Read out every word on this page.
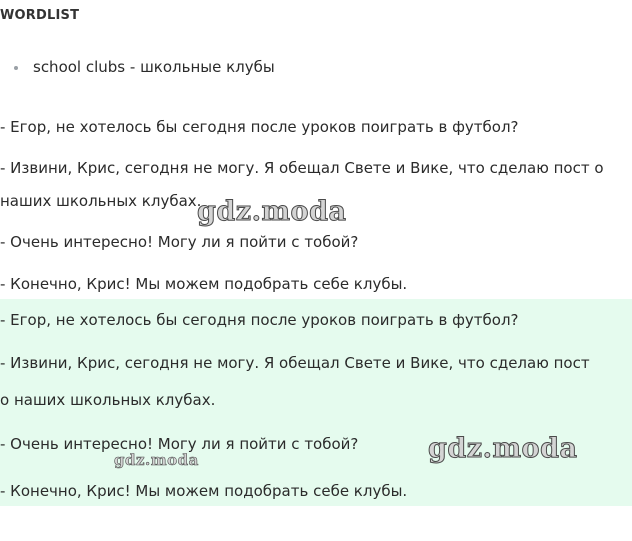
WORDLIST
school clubs - школьные клубы

- Егор, не хотелось бы сегодня после уроков поиграть в футбол?

- Извини, Крис, сегодня не могу. Я обещал Свете и Вике, что сделаю пост о

наших школьных клубах.

- Очень интересно! Могу ли я пойти с тобой?

- Конечно, Крис! Мы можем подобрать себе клубы.

- Егор, не хотелось бы сегодня после уроков поиграть в футбол?

- Извини, Крис, сегодня не могу. Я обещал Свете и Вике, что сделаю пост

о наших школьных клубах.

- Очень интересно! Могу ли я пойти с тобой?

- Конечно, Крис! Мы можем подобрать себе клубы.

gdz.moda
gdz.moda
gdz.moda
